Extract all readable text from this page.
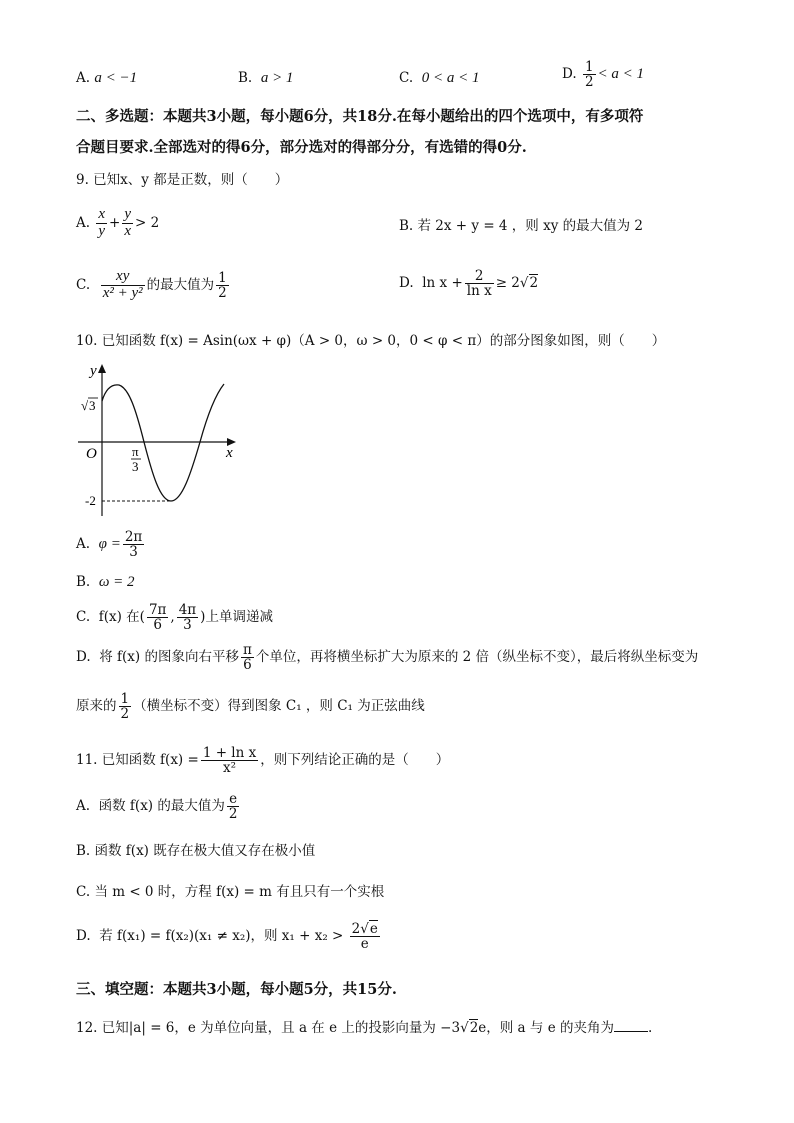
A. a < −1	B. a > 1	C. 0 < a < 1	D. $\frac{1}{2} < a < 1$
二、多选题：本题共3小题，每小题6分，共18分.在每小题给出的四个选项中，有多项符
合题目要求.全部选对的得6分，部分选对的得部分分，有选错的得0分.
9. 已知x、y 都是正数，则（　　）
A. $\frac{x}{y} + \frac{y}{x} > 2$	B. 若 2x + y = 4 ，则 xy 的最大值为 2
C. $\frac{xy}{\text{x² + y²}}$ 的最大值为 $\frac{1}{2}$	D. $\ln x + \frac{2}{\text{ln x}} \ge 2√2$
10. 已知函数 f(x) = Asin(ωx + φ)（A > 0，ω > 0，0 < φ < π）的部分图象如图，则（　　）
y
x
O
√ 3
π
3
-2
A. $\varphi = \frac{2\pi}{3}$
B. ω = 2
C. f(x) 在( $\frac{7\pi}{6}$ , $\frac{4\pi}{3}$ )上单调递减
D. 将 f(x) 的图象向右平移 $\frac{\pi}{6}$ 个单位，再将横坐标扩大为原来的 2 倍（纵坐标不变），最后将纵坐标变为
原来的 $\frac{1}{2}$ （横坐标不变）得到图象 C₁ ，则 C₁ 为正弦曲线
11. 已知函数 $f(x) = \frac{\text{1 + ln x}}{\text{x²}}$ ，则下列结论正确的是（　　）
A. 函数 f(x) 的最大值为 $\frac{e}{2}$
B. 函数 f(x) 既存在极大值又存在极小值
C. 当 m < 0 时，方程 f(x) = m 有且只有一个实根
D. 若 f(x₁) = f(x₂)(x₁ ≠ x₂)，则 $x_1 + x_2 > \frac{2√e}{e}$
三、填空题：本题共3小题，每小题5分，共15分.
12. 已知|a| = 6，e 为单位向量，且 a 在 e 上的投影向量为 −3√2e，则 a 与 e 的夹角为	.
